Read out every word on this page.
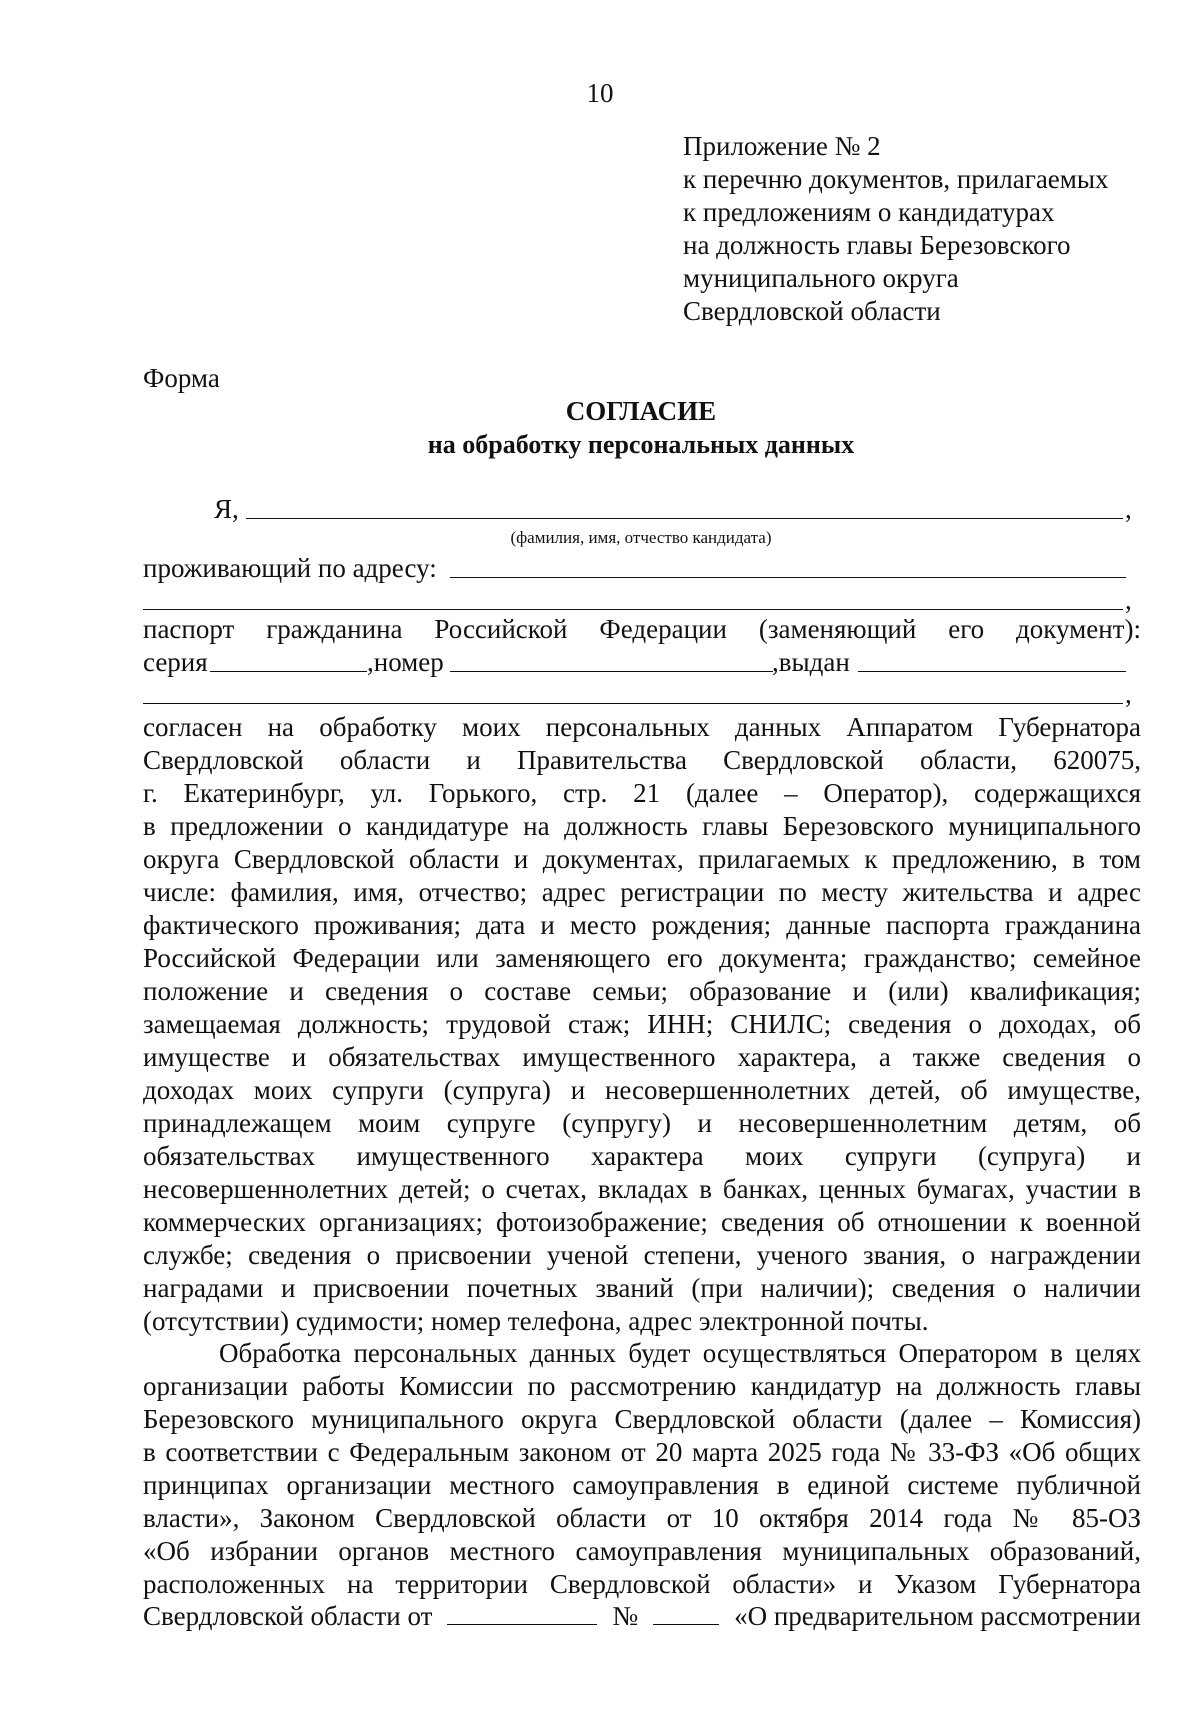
10
Приложение № 2
к перечню документов, прилагаемых
к предложениям о кандидатурах
на должность главы Березовского
муниципального округа
Свердловской области
Форма
СОГЛАСИЕ
на обработку персональных данных
Я,	,
(фамилия, имя, отчество кандидата)
проживающий по адресу:
,
паспорт гражданина Российской Федерации (заменяющий его документ):
серия	,номер	,выдан
,
согласен на обработку моих персональных данных Аппаратом Губернатора
Свердловской области и Правительства Свердловской области, 620075,
г. Екатеринбург, ул. Горького, стр. 21 (далее – Оператор), содержащихся
в предложении о кандидатуре на должность главы Березовского муниципального
округа Свердловской области и документах, прилагаемых к предложению, в том
числе: фамилия, имя, отчество; адрес регистрации по месту жительства и адрес
фактического проживания; дата и место рождения; данные паспорта гражданина
Российской Федерации или заменяющего его документа; гражданство; семейное
положение и сведения о составе семьи; образование и (или) квалификация;
замещаемая должность; трудовой стаж; ИНН; СНИЛС; сведения о доходах, об
имуществе и обязательствах имущественного характера, а также сведения о
доходах моих супруги (супруга) и несовершеннолетних детей, об имуществе,
принадлежащем моим супруге (супругу) и несовершеннолетним детям, об
обязательствах имущественного характера моих супруги (супруга) и
несовершеннолетних детей; о счетах, вкладах в банках, ценных бумагах, участии в
коммерческих организациях; фотоизображение; сведения об отношении к военной
службе; сведения о присвоении ученой степени, ученого звания, о награждении
наградами и присвоении почетных званий (при наличии); сведения о наличии
(отсутствии) судимости; номер телефона, адрес электронной почты.
Обработка персональных данных будет осуществляться Оператором в целях
организации работы Комиссии по рассмотрению кандидатур на должность главы
Березовского муниципального округа Свердловской области (далее – Комиссия)
в соответствии с Федеральным законом от 20 марта 2025 года № 33-ФЗ «Об общих
принципах организации местного самоуправления в единой системе публичной
власти», Законом Свердловской области от 10 октября 2014 года № 85-ОЗ
«Об избрании органов местного самоуправления муниципальных образований,
расположенных на территории Свердловской области» и Указом Губернатора
Свердловской области от	№	«О предварительном рассмотрении
